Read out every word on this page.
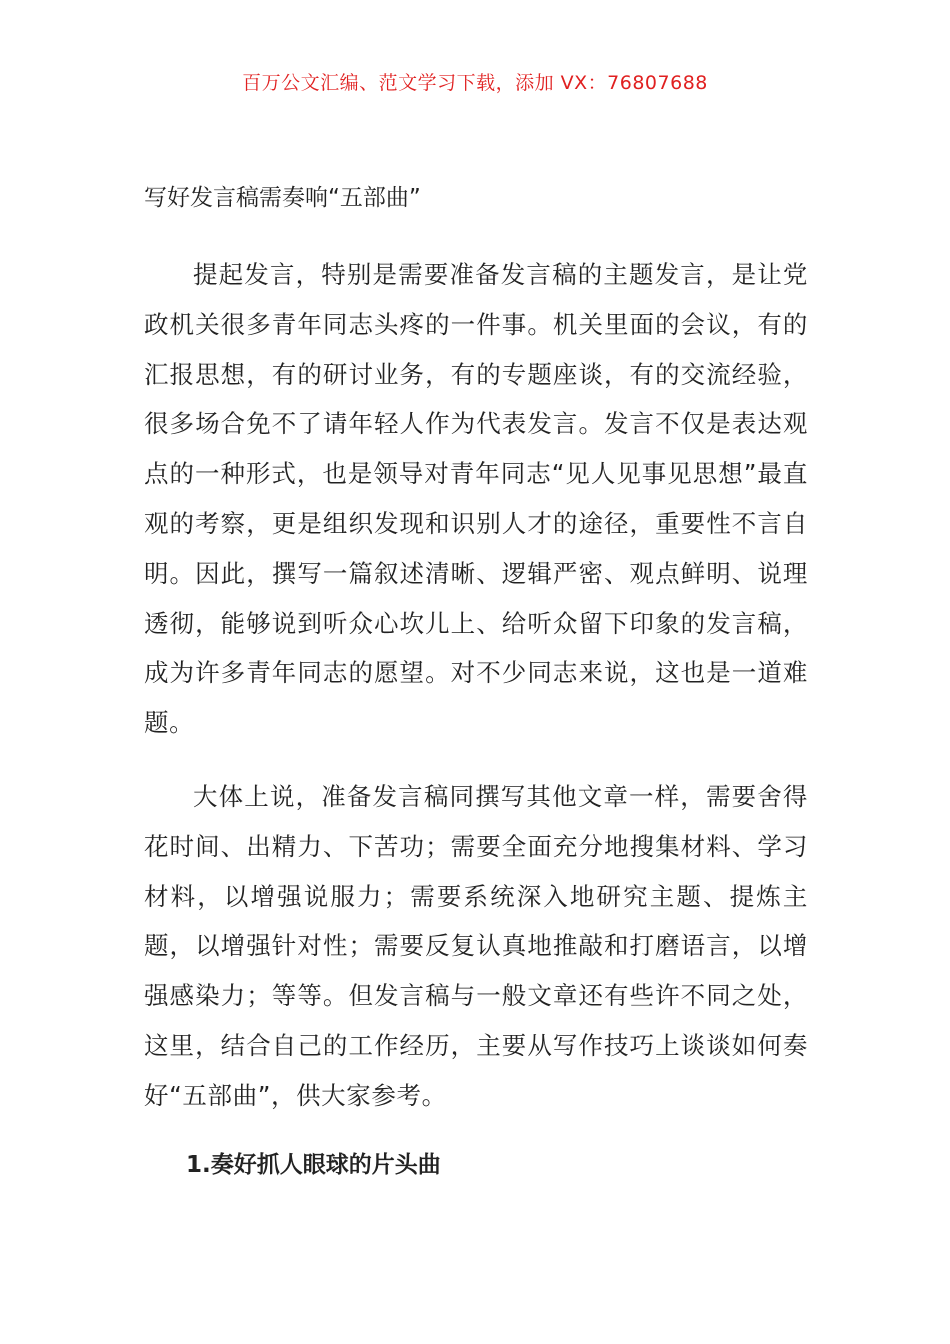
百万公文汇编、范文学习下载，添加 VX：76807688
写好发言稿需奏响“五部曲”

提起发言，特别是需要准备发言稿的主题发言，是让党政机关很多青年同志头疼的一件事。机关里面的会议，有的汇报思想，有的研讨业务，有的专题座谈，有的交流经验，很多场合免不了请年轻人作为代表发言。发言不仅是表达观点的一种形式，也是领导对青年同志“见人见事见思想”最直观的考察，更是组织发现和识别人才的途径，重要性不言自明。因此，撰写一篇叙述清晰、逻辑严密、观点鲜明、说理透彻，能够说到听众心坎儿上、给听众留下印象的发言稿，成为许多青年同志的愿望。对不少同志来说，这也是一道难题。

大体上说，准备发言稿同撰写其他文章一样，需要舍得花时间、出精力、下苦功；需要全面充分地搜集材料、学习材料，以增强说服力；需要系统深入地研究主题、提炼主题，以增强针对性；需要反复认真地推敲和打磨语言，以增强感染力；等等。但发言稿与一般文章还有些许不同之处，这里，结合自己的工作经历，主要从写作技巧上谈谈如何奏好“五部曲”，供大家参考。

1.奏好抓人眼球的片头曲
